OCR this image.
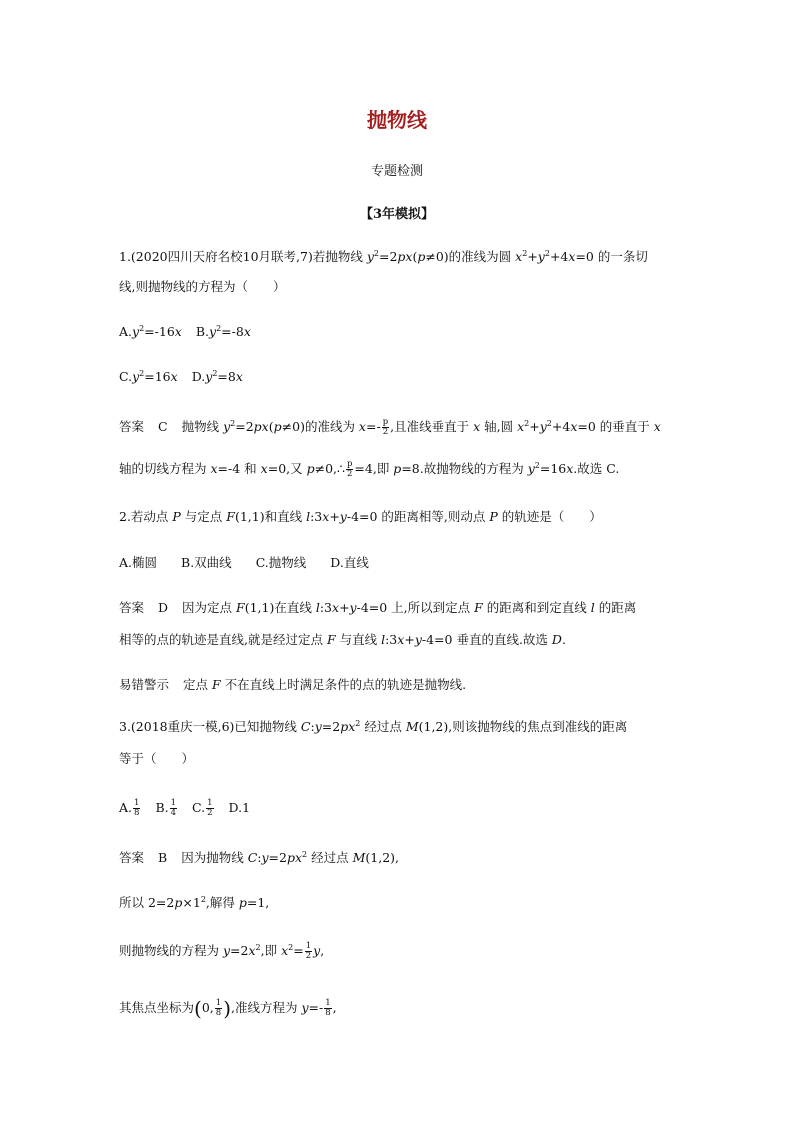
抛物线
专题检测
【3年模拟】
1.(2020四川天府名校10月联考,7)若抛物线 $y^2=2px(p\ne 0)$的准线为圆 $x^2+y^2+4x=0$ 的一条切
线,则抛物线的方程为（　　）
$A.y^2=-16x$ $B.y^2=-8x$
$C.y^2=16x$ $D.y^2=8x$
答案 C 抛物线 $y^2=2px(p\ne 0)$的准线为 $x=- \frac{p}{2}$ ,且准线垂直于 x 轴,圆 $x^2+y^2+4x=0$ 的垂直于 x
轴的切线方程为 x=-4 和 x=0,又 p≠0,∴ $\frac{p}{2} =4$,即 p=8.故抛物线的方程为 $y^2=16x$.故选 C.
2.若动点 P 与定点 F(1,1)和直线 l:3x+y-4=0 的距离相等,则动点 P 的轨迹是（　　）
A.椭圆 B.双曲线 C.抛物线 D.直线
答案 D 因为定点 F(1,1)在直线 l:3x+y-4=0 上,所以到定点 F 的距离和到定直线 l 的距离
相等的点的轨迹是直线,就是经过定点 F 与直线 l:3x+y-4=0 垂直的直线.故选 D.
易错警示 定点 F 不在直线上时满足条件的点的轨迹是抛物线.
3.(2018重庆一模,6)已知抛物线 $C:y=2px^2$ 经过点 M(1,2),则该抛物线的焦点到准线的距离
等于（　　）
A. $\frac{1}{8} B$. $\frac{1}{4} C$. $\frac{1}{2} D.1$
答案 B 因为抛物线 $C:y=2px^2$ 经过点 M(1,2),
所以 $2=2p\times 1^2$,解得 p=1,
则抛物线的方程为 $y=2x^2$,即 $x^2= \frac{1}{2} y$,
其焦点坐标为(0, $\frac{1}{8}$ ),准线方程为 $y=- \frac{1}{8}$ ,
